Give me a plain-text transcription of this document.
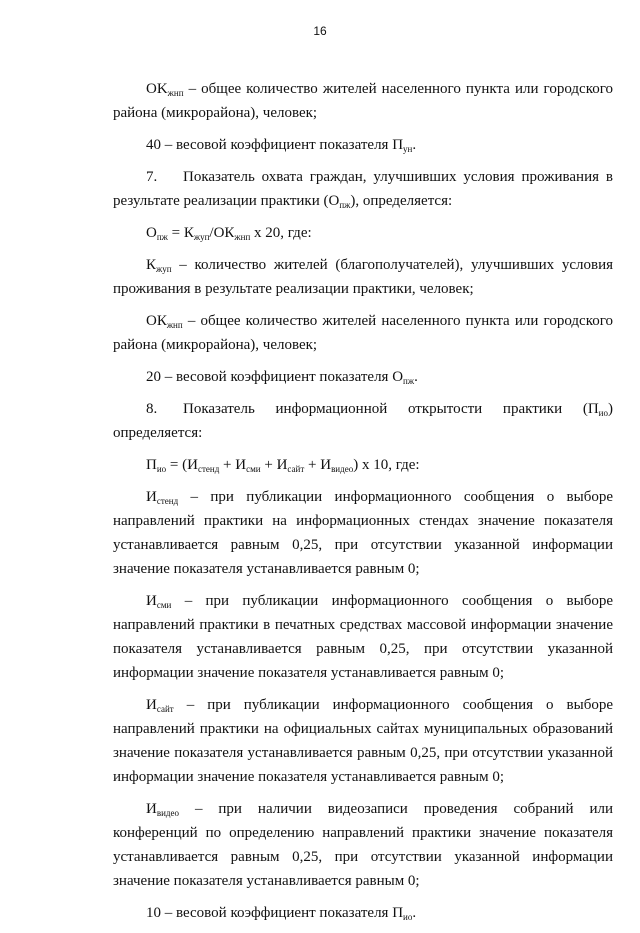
16

$OK_{жнп}$ – общее количество жителей населенного пункта или городского района (микрорайона), человек;

40 – весовой коэффициент показателя $П_{ун}$.

7. Показатель охвата граждан, улучшивших условия проживания в результате реализации практики $(О_{пж})$, определяется:

$О_{пж} = К_{жуп}/ОК_{жнп}$ х 20, где:

$К_{жуп}$ – количество жителей (благополучателей), улучшивших условия проживания в результате реализации практики, человек;

$ОК_{жнп}$ – общее количество жителей населенного пункта или городского района (микрорайона), человек;

20 – весовой коэффициент показателя $О_{пж}$.

8. Показатель информационной открытости практики $(П_{ио})$ определяется:

$П_{ио} = (И_{стенд} + И_{сми} + И_{сайт} + И_{видео})$ х 10, где:

$И_{стенд}$ – при публикации информационного сообщения о выборе направлений практики на информационных стендах значение показателя устанавливается равным 0,25, при отсутствии указанной информации значение показателя устанавливается равным 0;

$И_{сми}$ – при публикации информационного сообщения о выборе направлений практики в печатных средствах массовой информации значение показателя устанавливается равным 0,25, при отсутствии указанной информации значение показателя устанавливается равным 0;

$И_{сайт}$ – при публикации информационного сообщения о выборе направлений практики на официальных сайтах муниципальных образований значение показателя устанавливается равным 0,25, при отсутствии указанной информации значение показателя устанавливается равным 0;

$И_{видео}$ – при наличии видеозаписи проведения собраний или конференций по определению направлений практики значение показателя устанавливается равным 0,25, при отсутствии указанной информации значение показателя устанавливается равным 0;

10 – весовой коэффициент показателя $П_{ио}$.
